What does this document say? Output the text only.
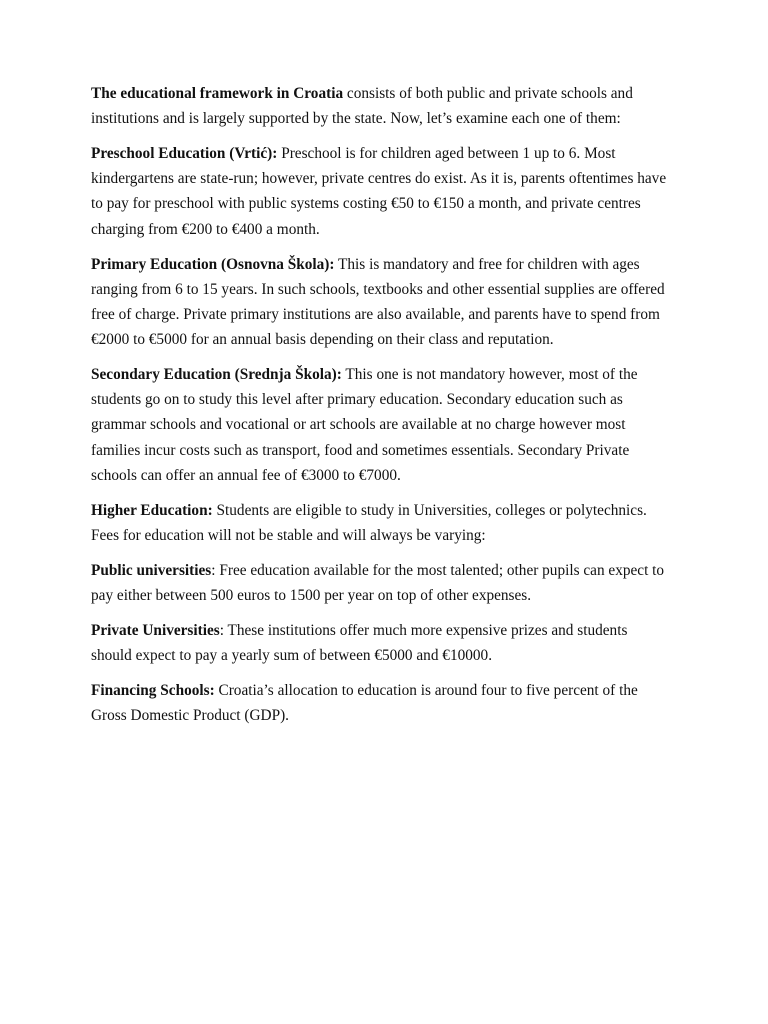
The educational framework in Croatia consists of both public and private schools and
institutions and is largely supported by the state. Now, let’s examine each one of them:
Preschool Education (Vrtić): Preschool is for children aged between 1 up to 6. Most
kindergartens are state-run; however, private centres do exist. As it is, parents oftentimes have
to pay for preschool with public systems costing €50 to €150 a month, and private centres
charging from €200 to €400 a month.
Primary Education (Osnovna Škola): This is mandatory and free for children with ages
ranging from 6 to 15 years. In such schools, textbooks and other essential supplies are offered
free of charge. Private primary institutions are also available, and parents have to spend from
€2000 to €5000 for an annual basis depending on their class and reputation.
Secondary Education (Srednja Škola): This one is not mandatory however, most of the
students go on to study this level after primary education. Secondary education such as
grammar schools and vocational or art schools are available at no charge however most
families incur costs such as transport, food and sometimes essentials. Secondary Private
schools can offer an annual fee of €3000 to €7000.
Higher Education: Students are eligible to study in Universities, colleges or polytechnics.
Fees for education will not be stable and will always be varying:
Public universities: Free education available for the most talented; other pupils can expect to
pay either between 500 euros to 1500 per year on top of other expenses.
Private Universities: These institutions offer much more expensive prizes and students
should expect to pay a yearly sum of between €5000 and €10000.
Financing Schools: Croatia’s allocation to education is around four to five percent of the
Gross Domestic Product (GDP).
